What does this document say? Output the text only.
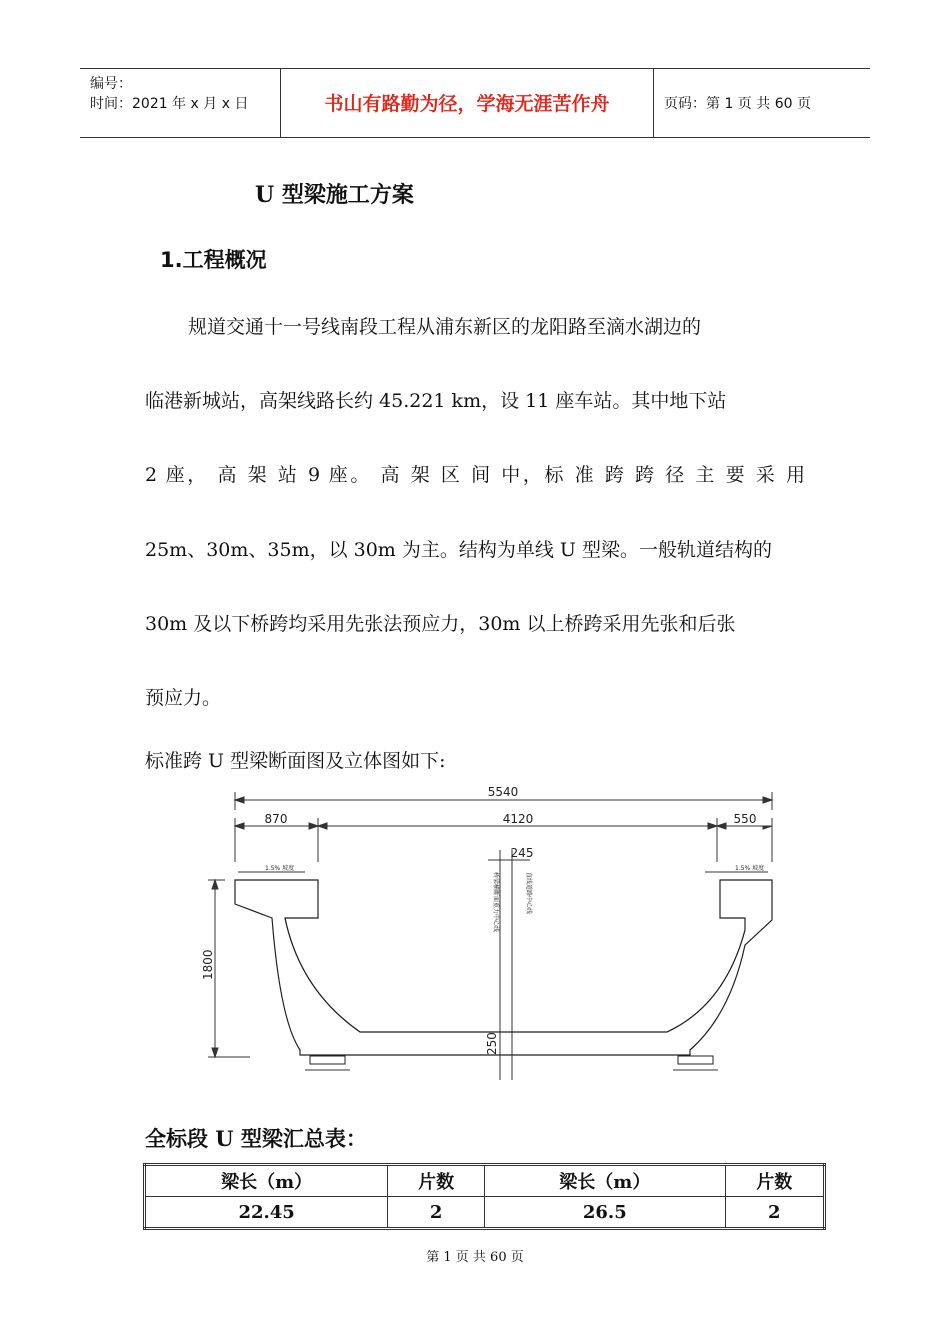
编号：
时间：2021 年 x 月 x 日	书山有路勤为径，学海无涯苦作舟	页码：第 1 页 共 60 页
U 型梁施工方案
1.工程概况
规道交通十一号线南段工程从浦东新区的龙阳路至滴水湖边的
临港新城站，高架线路长约 45.221 km，设 11 座车站。其中地下站
2 座， 高 架 站 9 座。 高 架 区 间 中，标 准 跨 跨 径 主 要 采 用
25m、30m、35m，以 30m 为主。结构为单线 U 型梁。一般轨道结构的
30m 及以下桥跨均采用先张法预应力，30m 以上桥跨采用先张和后张
预应力。
标准跨 U 型梁断面图及立体图如下:
5540
870	4120	550
245
1800
250
1.5% 坡度	1.5% 坡度
桥梁横断面重力中心线	直线道路中心线
全标段 U 型梁汇总表：
梁长（m）	片数	梁长（m）	片数
22.45	2	26.5	2
第 1 页 共 60 页
